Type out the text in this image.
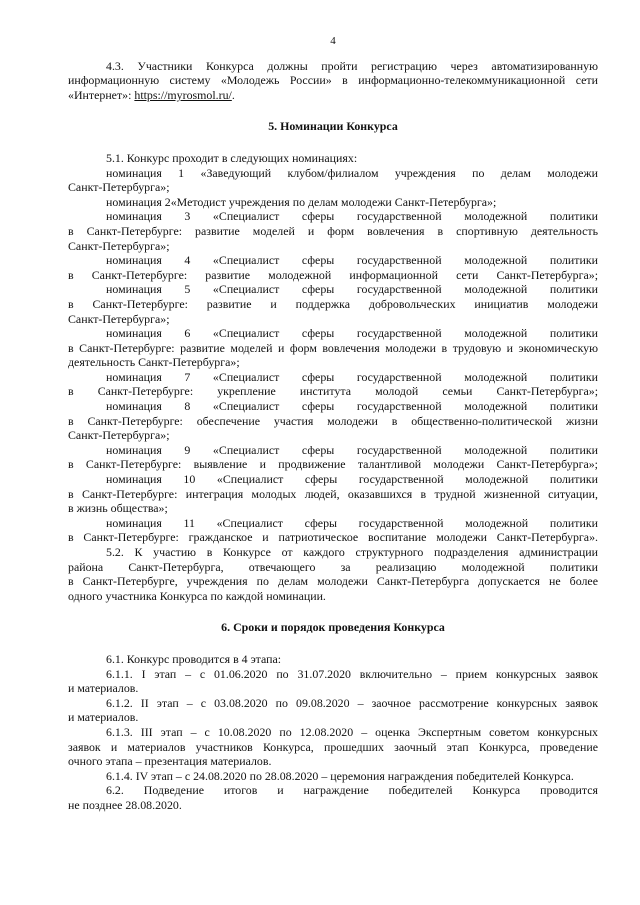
4

4.3. Участники Конкурса должны пройти регистрацию через автоматизированную

информационную систему «Молодежь России» в информационно-телекоммуникационной сети

«Интернет»: https://myrosmol.ru/.

5. Номинации Конкурса

5.1. Конкурс проходит в следующих номинациях:

номинация 1 «Заведующий клубом/филиалом учреждения по делам молодежи

Санкт-Петербурга»;

номинация 2«Методист учреждения по делам молодежи Санкт-Петербурга»;

номинация 3 «Специалист сферы государственной молодежной политики

в Санкт-Петербурге: развитие моделей и форм вовлечения в спортивную деятельность

Санкт-Петербурга»;

номинация 4 «Специалист сферы государственной молодежной политики

в Санкт-Петербурге: развитие молодежной информационной сети Санкт-Петербурга»;

номинация 5 «Специалист сферы государственной молодежной политики

в Санкт-Петербурге: развитие и поддержка добровольческих инициатив молодежи

Санкт-Петербурга»;

номинация 6 «Специалист сферы государственной молодежной политики

в Санкт-Петербурге: развитие моделей и форм вовлечения молодежи в трудовую и экономическую

деятельность Санкт-Петербурга»;

номинация 7 «Специалист сферы государственной молодежной политики

в Санкт-Петербурге: укрепление института молодой семьи Санкт-Петербурга»;

номинация 8 «Специалист сферы государственной молодежной политики

в Санкт-Петербурге: обеспечение участия молодежи в общественно-политической жизни

Санкт-Петербурга»;

номинация 9 «Специалист сферы государственной молодежной политики

в Санкт-Петербурге: выявление и продвижение талантливой молодежи Санкт-Петербурга»;

номинация 10 «Специалист сферы государственной молодежной политики

в Санкт-Петербурге: интеграция молодых людей, оказавшихся в трудной жизненной ситуации,

в жизнь общества»;

номинация 11 «Специалист сферы государственной молодежной политики

в Санкт-Петербурге: гражданское и патриотическое воспитание молодежи Санкт-Петербурга».

5.2. К участию в Конкурсе от каждого структурного подразделения администрации

района Санкт-Петербурга, отвечающего за реализацию молодежной политики

в Санкт-Петербурге, учреждения по делам молодежи Санкт-Петербурга допускается не более

одного участника Конкурса по каждой номинации.

6. Сроки и порядок проведения Конкурса

6.1. Конкурс проводится в 4 этапа:

6.1.1. I этап – с 01.06.2020 по 31.07.2020 включительно – прием конкурсных заявок

и материалов.

6.1.2. II этап – с 03.08.2020 по 09.08.2020 – заочное рассмотрение конкурсных заявок

и материалов.

6.1.3. III этап – с 10.08.2020 по 12.08.2020 – оценка Экспертным советом конкурсных

заявок и материалов участников Конкурса, прошедших заочный этап Конкурса, проведение

очного этапа – презентация материалов.

6.1.4. IV этап – с 24.08.2020 по 28.08.2020 – церемония награждения победителей Конкурса.

6.2. Подведение итогов и награждение победителей Конкурса проводится

не позднее 28.08.2020.
